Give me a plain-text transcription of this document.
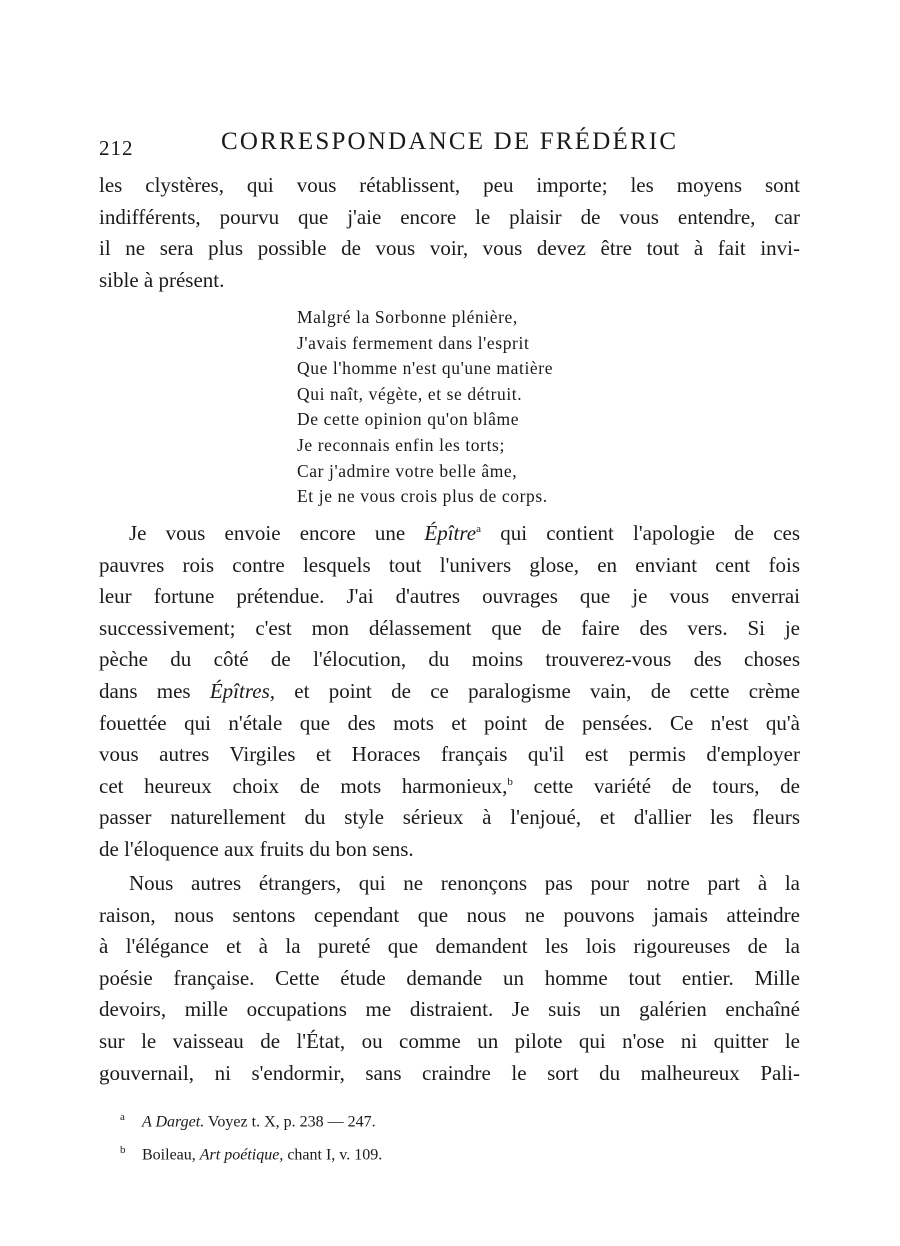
212	CORRESPONDANCE DE FRÉDÉRIC

les clystères, qui vous rétablissent, peu importe; les moyens sont
indifférents, pourvu que j'aie encore le plaisir de vous entendre, car
il ne sera plus possible de vous voir, vous devez être tout à fait invi-
sible à présent.

Malgré la Sorbonne plénière,
J'avais fermement dans l'esprit
Que l'homme n'est qu'une matière
Qui naît, végète, et se détruit.
De cette opinion qu'on blâme
Je reconnais enfin les torts;
Car j'admire votre belle âme,
Et je ne vous crois plus de corps.

Je vous envoie encore une Épître$^a$ qui contient l'apologie de ces
pauvres rois contre lesquels tout l'univers glose, en enviant cent fois
leur fortune prétendue. J'ai d'autres ouvrages que je vous enverrai
successivement; c'est mon délassement que de faire des vers. Si je
pèche du côté de l'élocution, du moins trouverez-vous des choses
dans mes Épîtres, et point de ce paralogisme vain, de cette crème
fouettée qui n'étale que des mots et point de pensées. Ce n'est qu'à
vous autres Virgiles et Horaces français qu'il est permis d'employer
cet heureux choix de mots harmonieux,$^b$ cette variété de tours, de
passer naturellement du style sérieux à l'enjoué, et d'allier les fleurs
de l'éloquence aux fruits du bon sens.

Nous autres étrangers, qui ne renonçons pas pour notre part à la
raison, nous sentons cependant que nous ne pouvons jamais atteindre
à l'élégance et à la pureté que demandent les lois rigoureuses de la
poésie française. Cette étude demande un homme tout entier. Mille
devoirs, mille occupations me distraient. Je suis un galérien enchaîné
sur le vaisseau de l'État, ou comme un pilote qui n'ose ni quitter le
gouvernail, ni s'endormir, sans craindre le sort du malheureux Pali-

a A Darget. Voyez t. X, p. 238 — 247.
b Boileau, Art poétique, chant I, v. 109.
